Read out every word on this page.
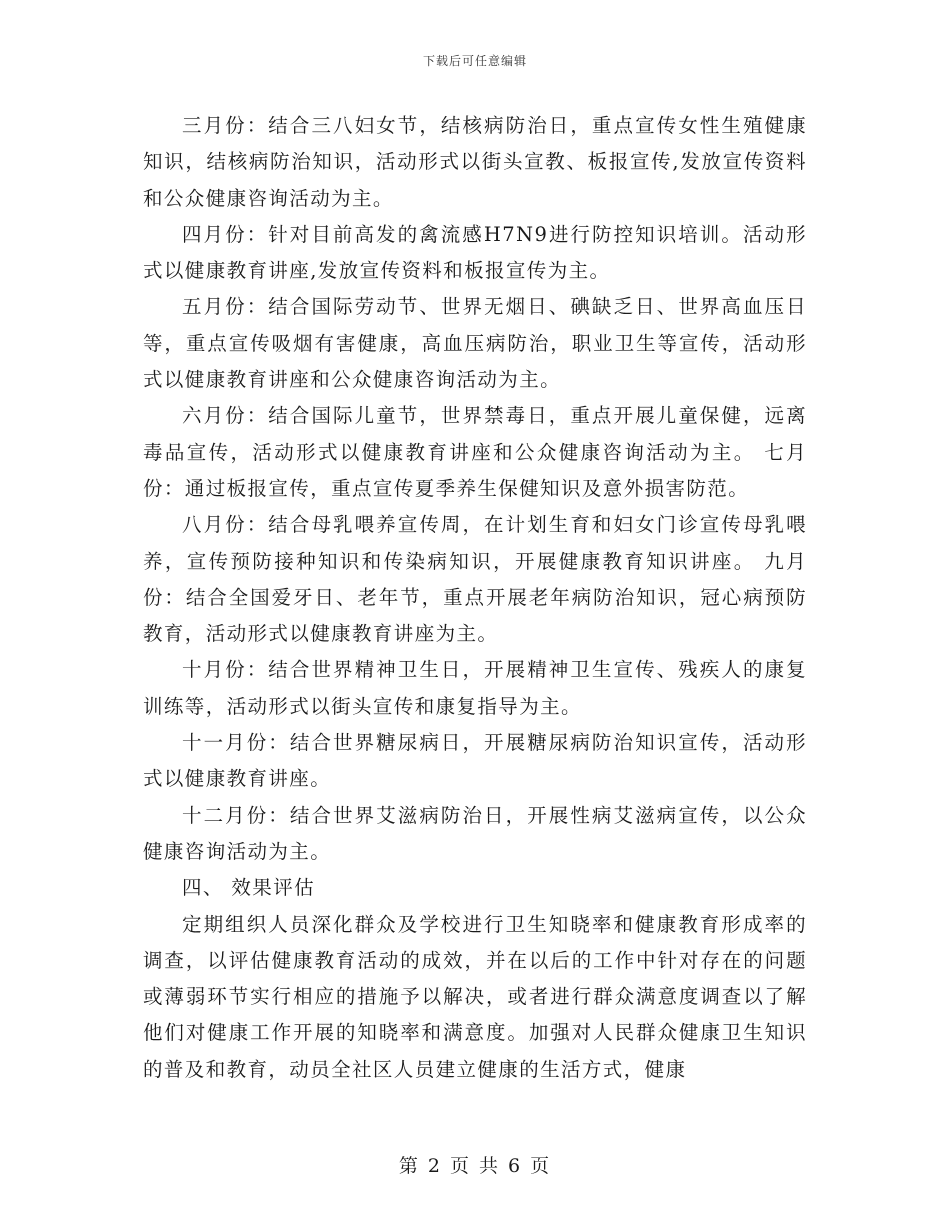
下载后可任意编辑

三月份：结合三八妇女节，结核病防治日，重点宣传女性生殖健康知识，结核病防治知识，活动形式以街头宣教、板报宣传,发放宣传资料和公众健康咨询活动为主。

四月份：针对目前高发的禽流感H7N9进行防控知识培训。活动形式以健康教育讲座,发放宣传资料和板报宣传为主。

五月份：结合国际劳动节、世界无烟日、碘缺乏日、世界高血压日等，重点宣传吸烟有害健康，高血压病防治，职业卫生等宣传，活动形式以健康教育讲座和公众健康咨询活动为主。

六月份：结合国际儿童节，世界禁毒日，重点开展儿童保健，远离毒品宣传，活动形式以健康教育讲座和公众健康咨询活动为主。 七月份：通过板报宣传，重点宣传夏季养生保健知识及意外损害防范。

八月份：结合母乳喂养宣传周，在计划生育和妇女门诊宣传母乳喂养，宣传预防接种知识和传染病知识，开展健康教育知识讲座。 九月份：结合全国爱牙日、老年节，重点开展老年病防治知识，冠心病预防教育，活动形式以健康教育讲座为主。

十月份：结合世界精神卫生日，开展精神卫生宣传、残疾人的康复训练等，活动形式以街头宣传和康复指导为主。

十一月份：结合世界糖尿病日，开展糖尿病防治知识宣传，活动形式以健康教育讲座。

十二月份：结合世界艾滋病防治日，开展性病艾滋病宣传，以公众健康咨询活动为主。

四、 效果评估

定期组织人员深化群众及学校进行卫生知晓率和健康教育形成率的调查，以评估健康教育活动的成效，并在以后的工作中针对存在的问题或薄弱环节实行相应的措施予以解决，或者进行群众满意度调查以了解他们对健康工作开展的知晓率和满意度。加强对人民群众健康卫生知识的普及和教育，动员全社区人员建立健康的生活方式，健康

第 2 页 共 6 页
